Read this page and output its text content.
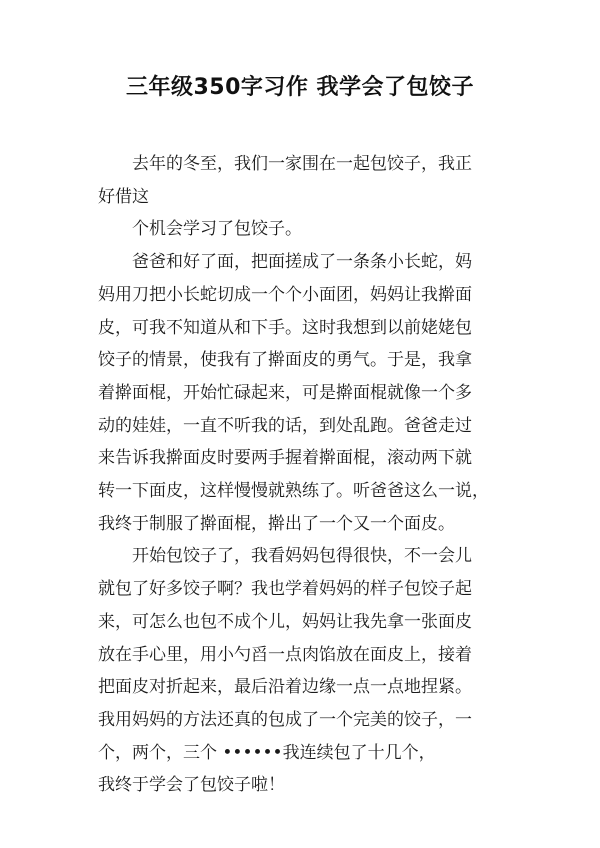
三年级350字习作 我学会了包饺子
去年的冬至，我们一家围在一起包饺子，我正
好借这
个机会学习了包饺子。
爸爸和好了面，把面搓成了一条条小长蛇，妈
妈用刀把小长蛇切成一个个小面团，妈妈让我擀面
皮，可我不知道从和下手。这时我想到以前姥姥包
饺子的情景，使我有了擀面皮的勇气。于是，我拿
着擀面棍，开始忙碌起来，可是擀面棍就像一个多
动的娃娃，一直不听我的话，到处乱跑。爸爸走过
来告诉我擀面皮时要两手握着擀面棍，滚动两下就
转一下面皮，这样慢慢就熟练了。听爸爸这么一说，
我终于制服了擀面棍，擀出了一个又一个面皮。
开始包饺子了，我看妈妈包得很快，不一会儿
就包了好多饺子啊？我也学着妈妈的样子包饺子起
来，可怎么也包不成个儿，妈妈让我先拿一张面皮
放在手心里，用小勺舀一点肉馅放在面皮上，接着
把面皮对折起来，最后沿着边缘一点一点地捏紧。
我用妈妈的方法还真的包成了一个完美的饺子，一
个，两个，三个 ••••••我连续包了十几个，
我终于学会了包饺子啦！
